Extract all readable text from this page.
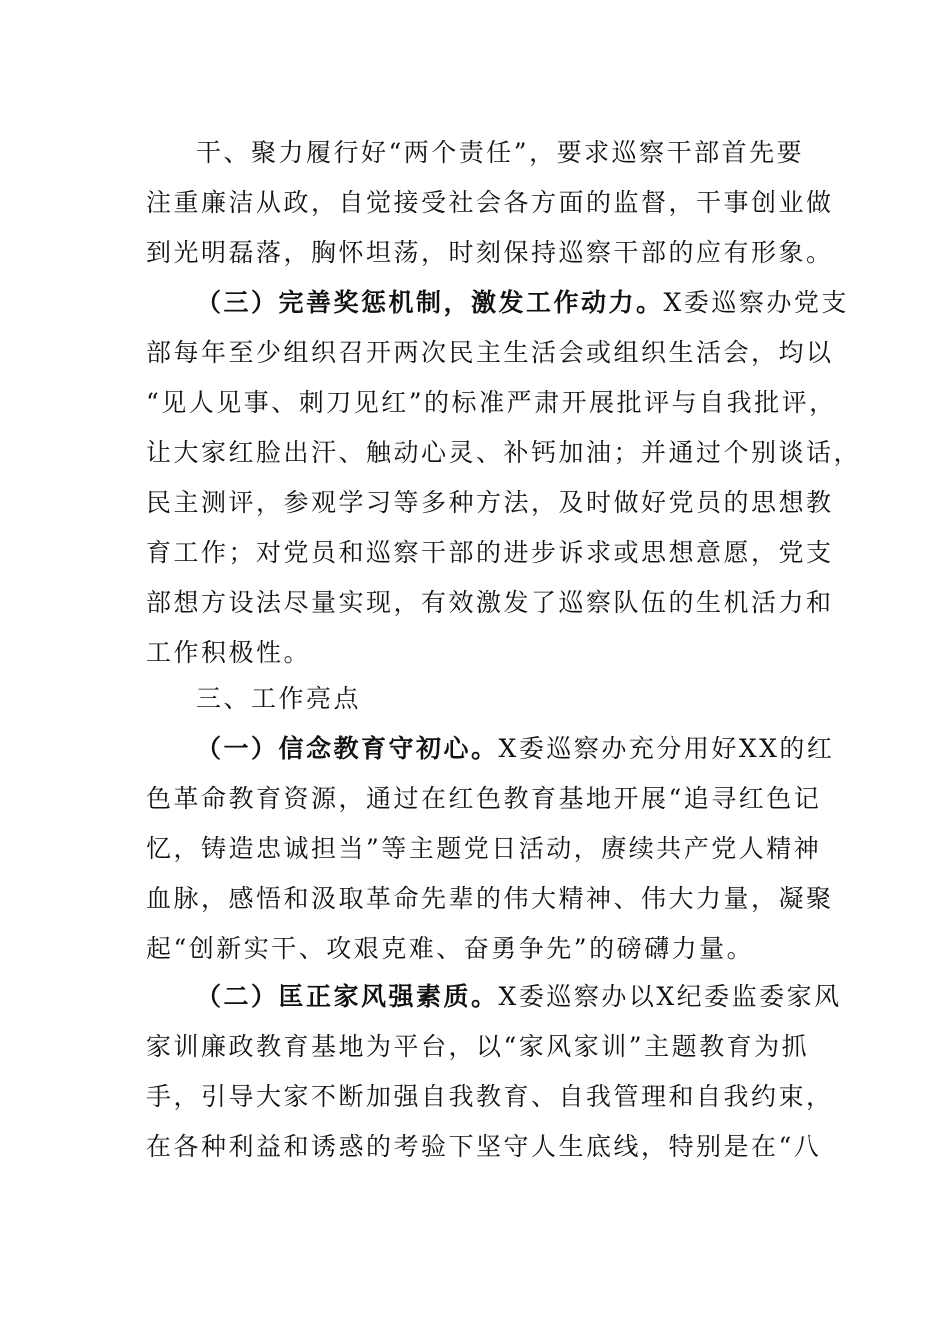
干、聚力履行好“两个责任”，要求巡察干部首先要
注重廉洁从政，自觉接受社会各方面的监督，干事创业做
到光明磊落，胸怀坦荡，时刻保持巡察干部的应有形象。
（三）完善奖惩机制，激发工作动力。X委巡察办党支
部每年至少组织召开两次民主生活会或组织生活会，均以
“见人见事、刺刀见红”的标准严肃开展批评与自我批评，
让大家红脸出汗、触动心灵、补钙加油；并通过个别谈话，
民主测评，参观学习等多种方法，及时做好党员的思想教
育工作；对党员和巡察干部的进步诉求或思想意愿，党支
部想方设法尽量实现，有效激发了巡察队伍的生机活力和
工作积极性。
三、工作亮点
（一）信念教育守初心。X委巡察办充分用好XX的红
色革命教育资源，通过在红色教育基地开展“追寻红色记
忆，铸造忠诚担当”等主题党日活动，赓续共产党人精神
血脉，感悟和汲取革命先辈的伟大精神、伟大力量，凝聚
起“创新实干、攻艰克难、奋勇争先”的磅礴力量。
（二）匡正家风强素质。X委巡察办以X纪委监委家风
家训廉政教育基地为平台，以“家风家训”主题教育为抓
手，引导大家不断加强自我教育、自我管理和自我约束，
在各种利益和诱惑的考验下坚守人生底线，特别是在“八
